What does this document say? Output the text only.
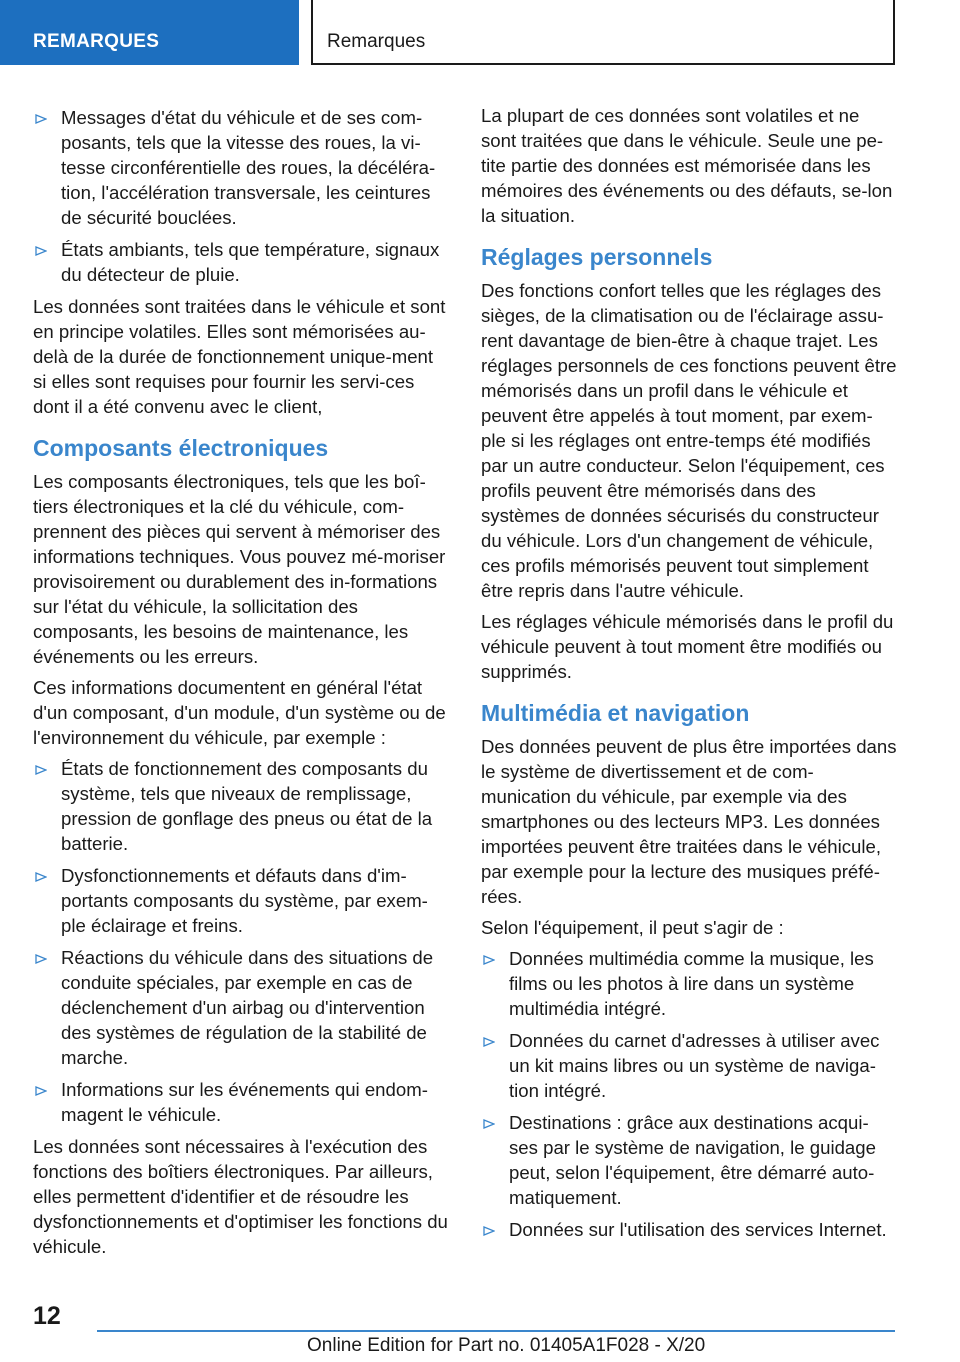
REMARQUES	Remarques
Messages d'état du véhicule et de ses com-posants, tels que la vitesse des roues, la vi-tesse circonférentielle des roues, la décéléra-tion, l'accélération transversale, les ceintures de sécurité bouclées.
États ambiants, tels que température, signaux du détecteur de pluie.

Les données sont traitées dans le véhicule et sont en principe volatiles. Elles sont mémorisées au-delà de la durée de fonctionnement unique-ment si elles sont requises pour fournir les servi-ces dont il a été convenu avec le client,

Composants électroniques

Les composants électroniques, tels que les boî-tiers électroniques et la clé du véhicule, com-prennent des pièces qui servent à mémoriser des informations techniques. Vous pouvez mé-moriser provisoirement ou durablement des in-formations sur l'état du véhicule, la sollicitation des composants, les besoins de maintenance, les événements ou les erreurs.

Ces informations documentent en général l'état d'un composant, d'un module, d'un système ou de l'environnement du véhicule, par exemple :

États de fonctionnement des composants du système, tels que niveaux de remplissage, pression de gonflage des pneus ou état de la batterie.
Dysfonctionnements et défauts dans d'im-portants composants du système, par exem-ple éclairage et freins.
Réactions du véhicule dans des situations de conduite spéciales, par exemple en cas de déclenchement d'un airbag ou d'intervention des systèmes de régulation de la stabilité de marche.
Informations sur les événements qui endom-magent le véhicule.

Les données sont nécessaires à l'exécution des fonctions des boîtiers électroniques. Par ailleurs, elles permettent d'identifier et de résoudre les dysfonctionnements et d'optimiser les fonctions du véhicule.

La plupart de ces données sont volatiles et ne sont traitées que dans le véhicule. Seule une pe-tite partie des données est mémorisée dans les mémoires des événements ou des défauts, se-lon la situation.

Réglages personnels

Des fonctions confort telles que les réglages des sièges, de la climatisation ou de l'éclairage assu-rent davantage de bien-être à chaque trajet. Les réglages personnels de ces fonctions peuvent être mémorisés dans un profil dans le véhicule et peuvent être appelés à tout moment, par exem-ple si les réglages ont entre-temps été modifiés par un autre conducteur. Selon l'équipement, ces profils peuvent être mémorisés dans des systèmes de données sécurisés du constructeur du véhicule. Lors d'un changement de véhicule, ces profils mémorisés peuvent tout simplement être repris dans l'autre véhicule.

Les réglages véhicule mémorisés dans le profil du véhicule peuvent à tout moment être modifiés ou supprimés.

Multimédia et navigation

Des données peuvent de plus être importées dans le système de divertissement et de com-munication du véhicule, par exemple via des smartphones ou des lecteurs MP3. Les données importées peuvent être traitées dans le véhicule, par exemple pour la lecture des musiques préfé-rées.

Selon l'équipement, il peut s'agir de :

Données multimédia comme la musique, les films ou les photos à lire dans un système multimédia intégré.
Données du carnet d'adresses à utiliser avec un kit mains libres ou un système de naviga-tion intégré.
Destinations : grâce aux destinations acqui-ses par le système de navigation, le guidage peut, selon l'équipement, être démarré auto-matiquement.
Données sur l'utilisation des services Internet.
12
Online Edition for Part no. 01405A1F028 - X/20
